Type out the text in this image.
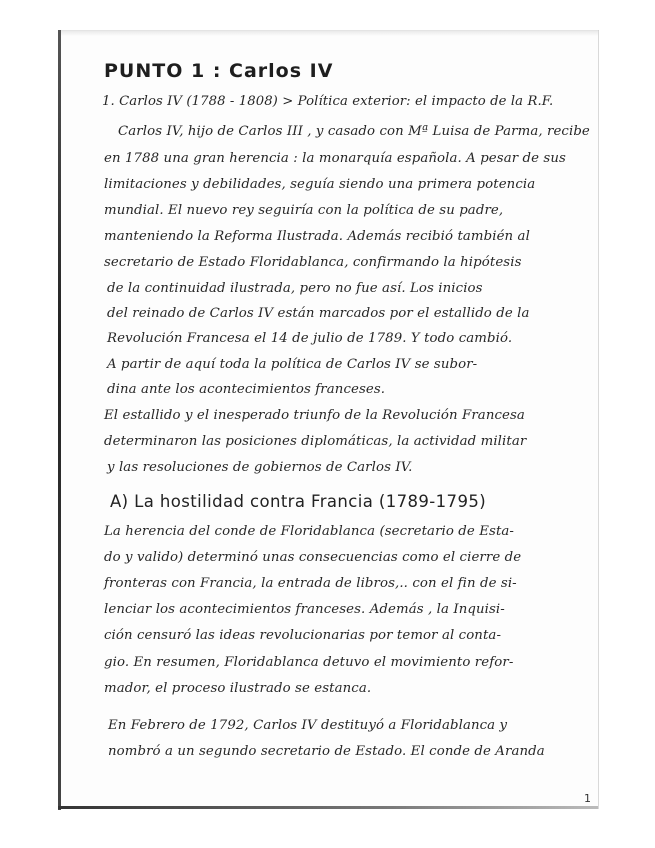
PUNTO 1 : Carlos IV
1. Carlos IV (1788 - 1808) > Política exterior: el impacto de la R.F.
Carlos IV, hijo de Carlos III , y casado con Mª Luisa de Parma, recibe
en 1788 una gran herencia : la monarquía española. A pesar de sus
limitaciones y debilidades, seguía siendo una primera potencia
mundial. El nuevo rey seguiría con la política de su padre,
manteniendo la Reforma Ilustrada. Además recibió también al
secretario de Estado Floridablanca, confirmando la hipótesis
de la continuidad ilustrada, pero no fue así. Los inicios
del reinado de Carlos IV están marcados por el estallido de la
Revolución Francesa el 14 de julio de 1789. Y todo cambió.
A partir de aquí toda la política de Carlos IV se subor-
dina ante los acontecimientos franceses.
El estallido y el inesperado triunfo de la Revolución Francesa
determinaron las posiciones diplomáticas, la actividad militar
y las resoluciones de gobiernos de Carlos IV.
A) La hostilidad contra Francia (1789-1795)
La herencia del conde de Floridablanca (secretario de Esta-
do y valido) determinó unas consecuencias como el cierre de
fronteras con Francia, la entrada de libros,.. con el fin de si-
lenciar los acontecimientos franceses. Además , la Inquisi-
ción censuró las ideas revolucionarias por temor al conta-
gio. En resumen, Floridablanca detuvo el movimiento refor-
mador, el proceso ilustrado se estanca.
En Febrero de 1792, Carlos IV destituyó a Floridablanca y
nombró a un segundo secretario de Estado. El conde de Aranda
1
